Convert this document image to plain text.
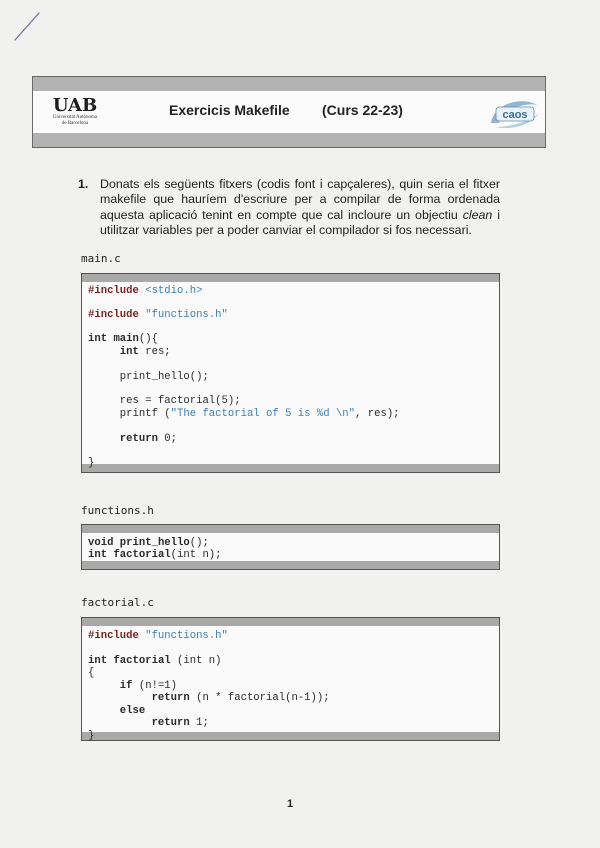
UAB
Universitat Autònoma
de Barcelona
Exercicis Makefile (Curs 22-23)	caos
1. Donats els següents fitxers (codis font i capçaleres), quin seria el fitxer makefile que hauríem d'escriure per a compilar de forma ordenada aquesta aplicació tenint en compte que cal incloure un objectiu clean i utilitzar variables per a poder canviar el compilador si fos necessari.

main.c
#include <stdio.h>
#include "functions.h"
int main(){
int res;
print_hello();
res = factorial(5);
printf ("The factorial of 5 is %d \n", res);
return 0;
}
functions.h
void print_hello();
int factorial(int n);
factorial.c
#include "functions.h"
int factorial (int n)
{
if (n!=1)
return (n * factorial(n-1));
else
return 1;
}
1
